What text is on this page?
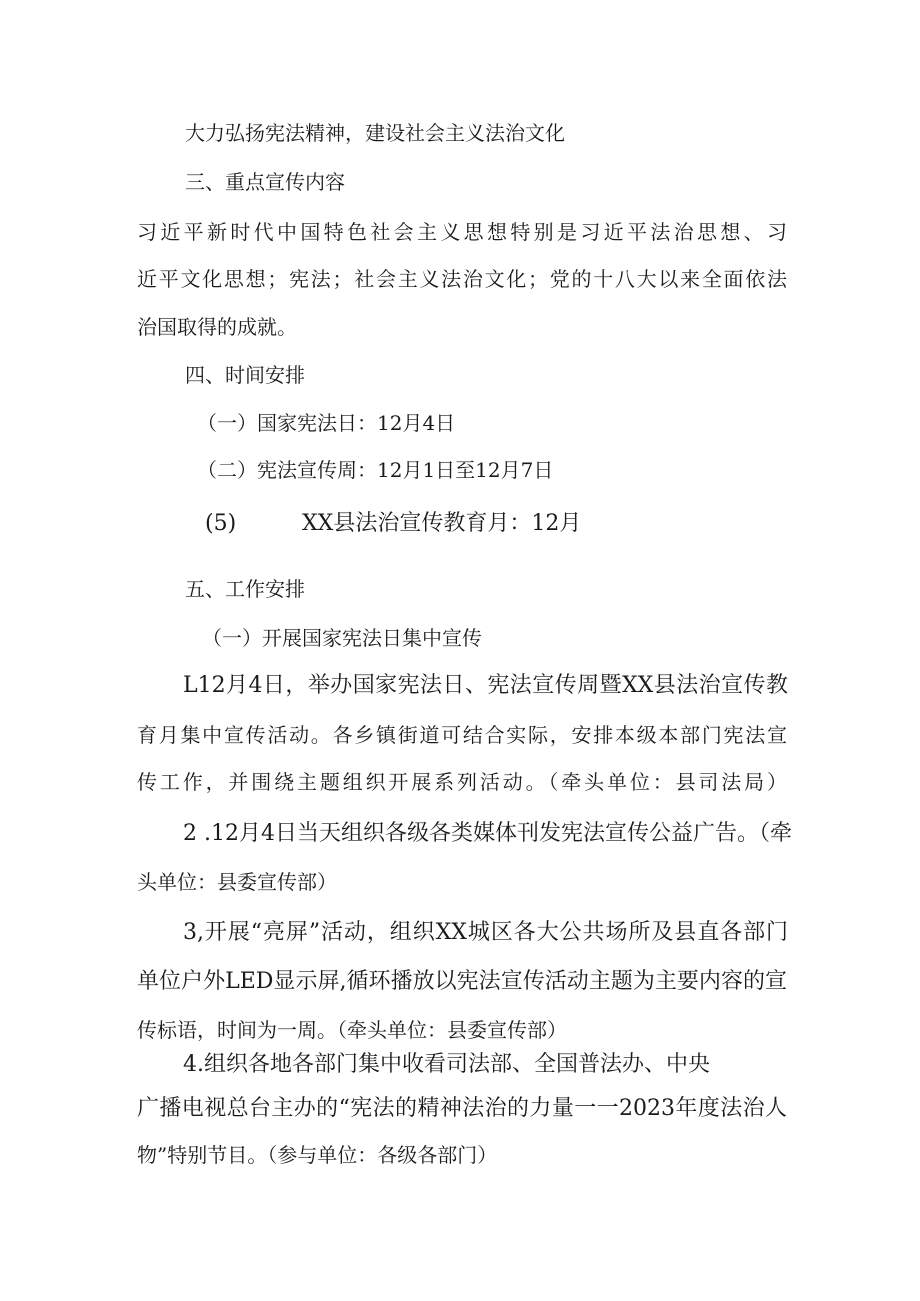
大力弘扬宪法精神，建设社会主义法治文化
三、重点宣传内容
习近平新时代中国特色社会主义思想特别是习近平法治思想、习
近平文化思想；宪法；社会主义法治文化；党的十八大以来全面依法
治国取得的成就。
四、时间安排
（一）国家宪法日：12月4日
（二）宪法宣传周：12月1日至12月7日
(5)	XX县法治宣传教育月：12月
五、工作安排
（一）开展国家宪法日集中宣传
L12月4日，举办国家宪法日、宪法宣传周暨XX县法治宣传教
育月集中宣传活动。各乡镇街道可结合实际，安排本级本部门宪法宣
传工作，并围绕主题组织开展系列活动。（牵头单位：县司法局）
2 .12月4日当天组织各级各类媒体刊发宪法宣传公益广告。（牵
头单位：县委宣传部）
3,开展“亮屏”活动，组织XX城区各大公共场所及县直各部门
单位户外LED显示屏,循环播放以宪法宣传活动主题为主要内容的宣
传标语，时间为一周。（牵头单位：县委宣传部）
4.组织各地各部门集中收看司法部、全国普法办、中央
广播电视总台主办的“宪法的精神法治的力量一一2023年度法治人
物”特别节目。（参与单位：各级各部门）
